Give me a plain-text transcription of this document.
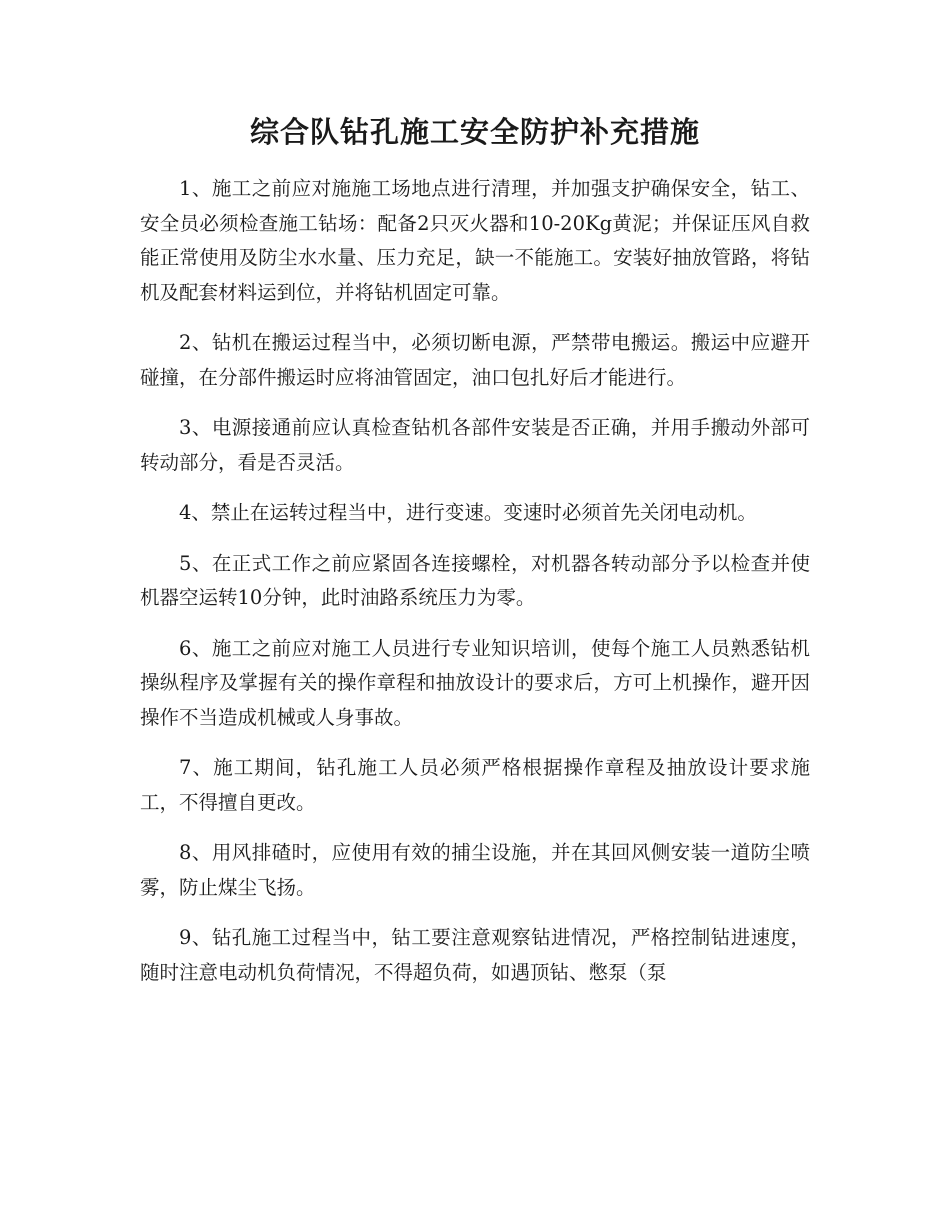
综合队钻孔施工安全防护补充措施

1、施工之前应对施施工场地点进行清理，并加强支护确保安全，钻工、安全员必须检查施工钻场：配备2只灭火器和10-20Kg黄泥；并保证压风自救能正常使用及防尘水水量、压力充足，缺一不能施工。安装好抽放管路，将钻机及配套材料运到位，并将钻机固定可靠。

2、钻机在搬运过程当中，必须切断电源，严禁带电搬运。搬运中应避开碰撞，在分部件搬运时应将油管固定，油口包扎好后才能进行。

3、电源接通前应认真检查钻机各部件安装是否正确，并用手搬动外部可转动部分，看是否灵活。

4、禁止在运转过程当中，进行变速。变速时必须首先关闭电动机。

5、在正式工作之前应紧固各连接螺栓，对机器各转动部分予以检查并使机器空运转10分钟，此时油路系统压力为零。

6、施工之前应对施工人员进行专业知识培训，使每个施工人员熟悉钻机操纵程序及掌握有关的操作章程和抽放设计的要求后，方可上机操作，避开因操作不当造成机械或人身事故。

7、施工期间，钻孔施工人员必须严格根据操作章程及抽放设计要求施工，不得擅自更改。

8、用风排碴时，应使用有效的捕尘设施，并在其回风侧安装一道防尘喷雾，防止煤尘飞扬。

9、钻孔施工过程当中，钻工要注意观察钻进情况，严格控制钻进速度，随时注意电动机负荷情况，不得超负荷，如遇顶钻、憋泵（泵
